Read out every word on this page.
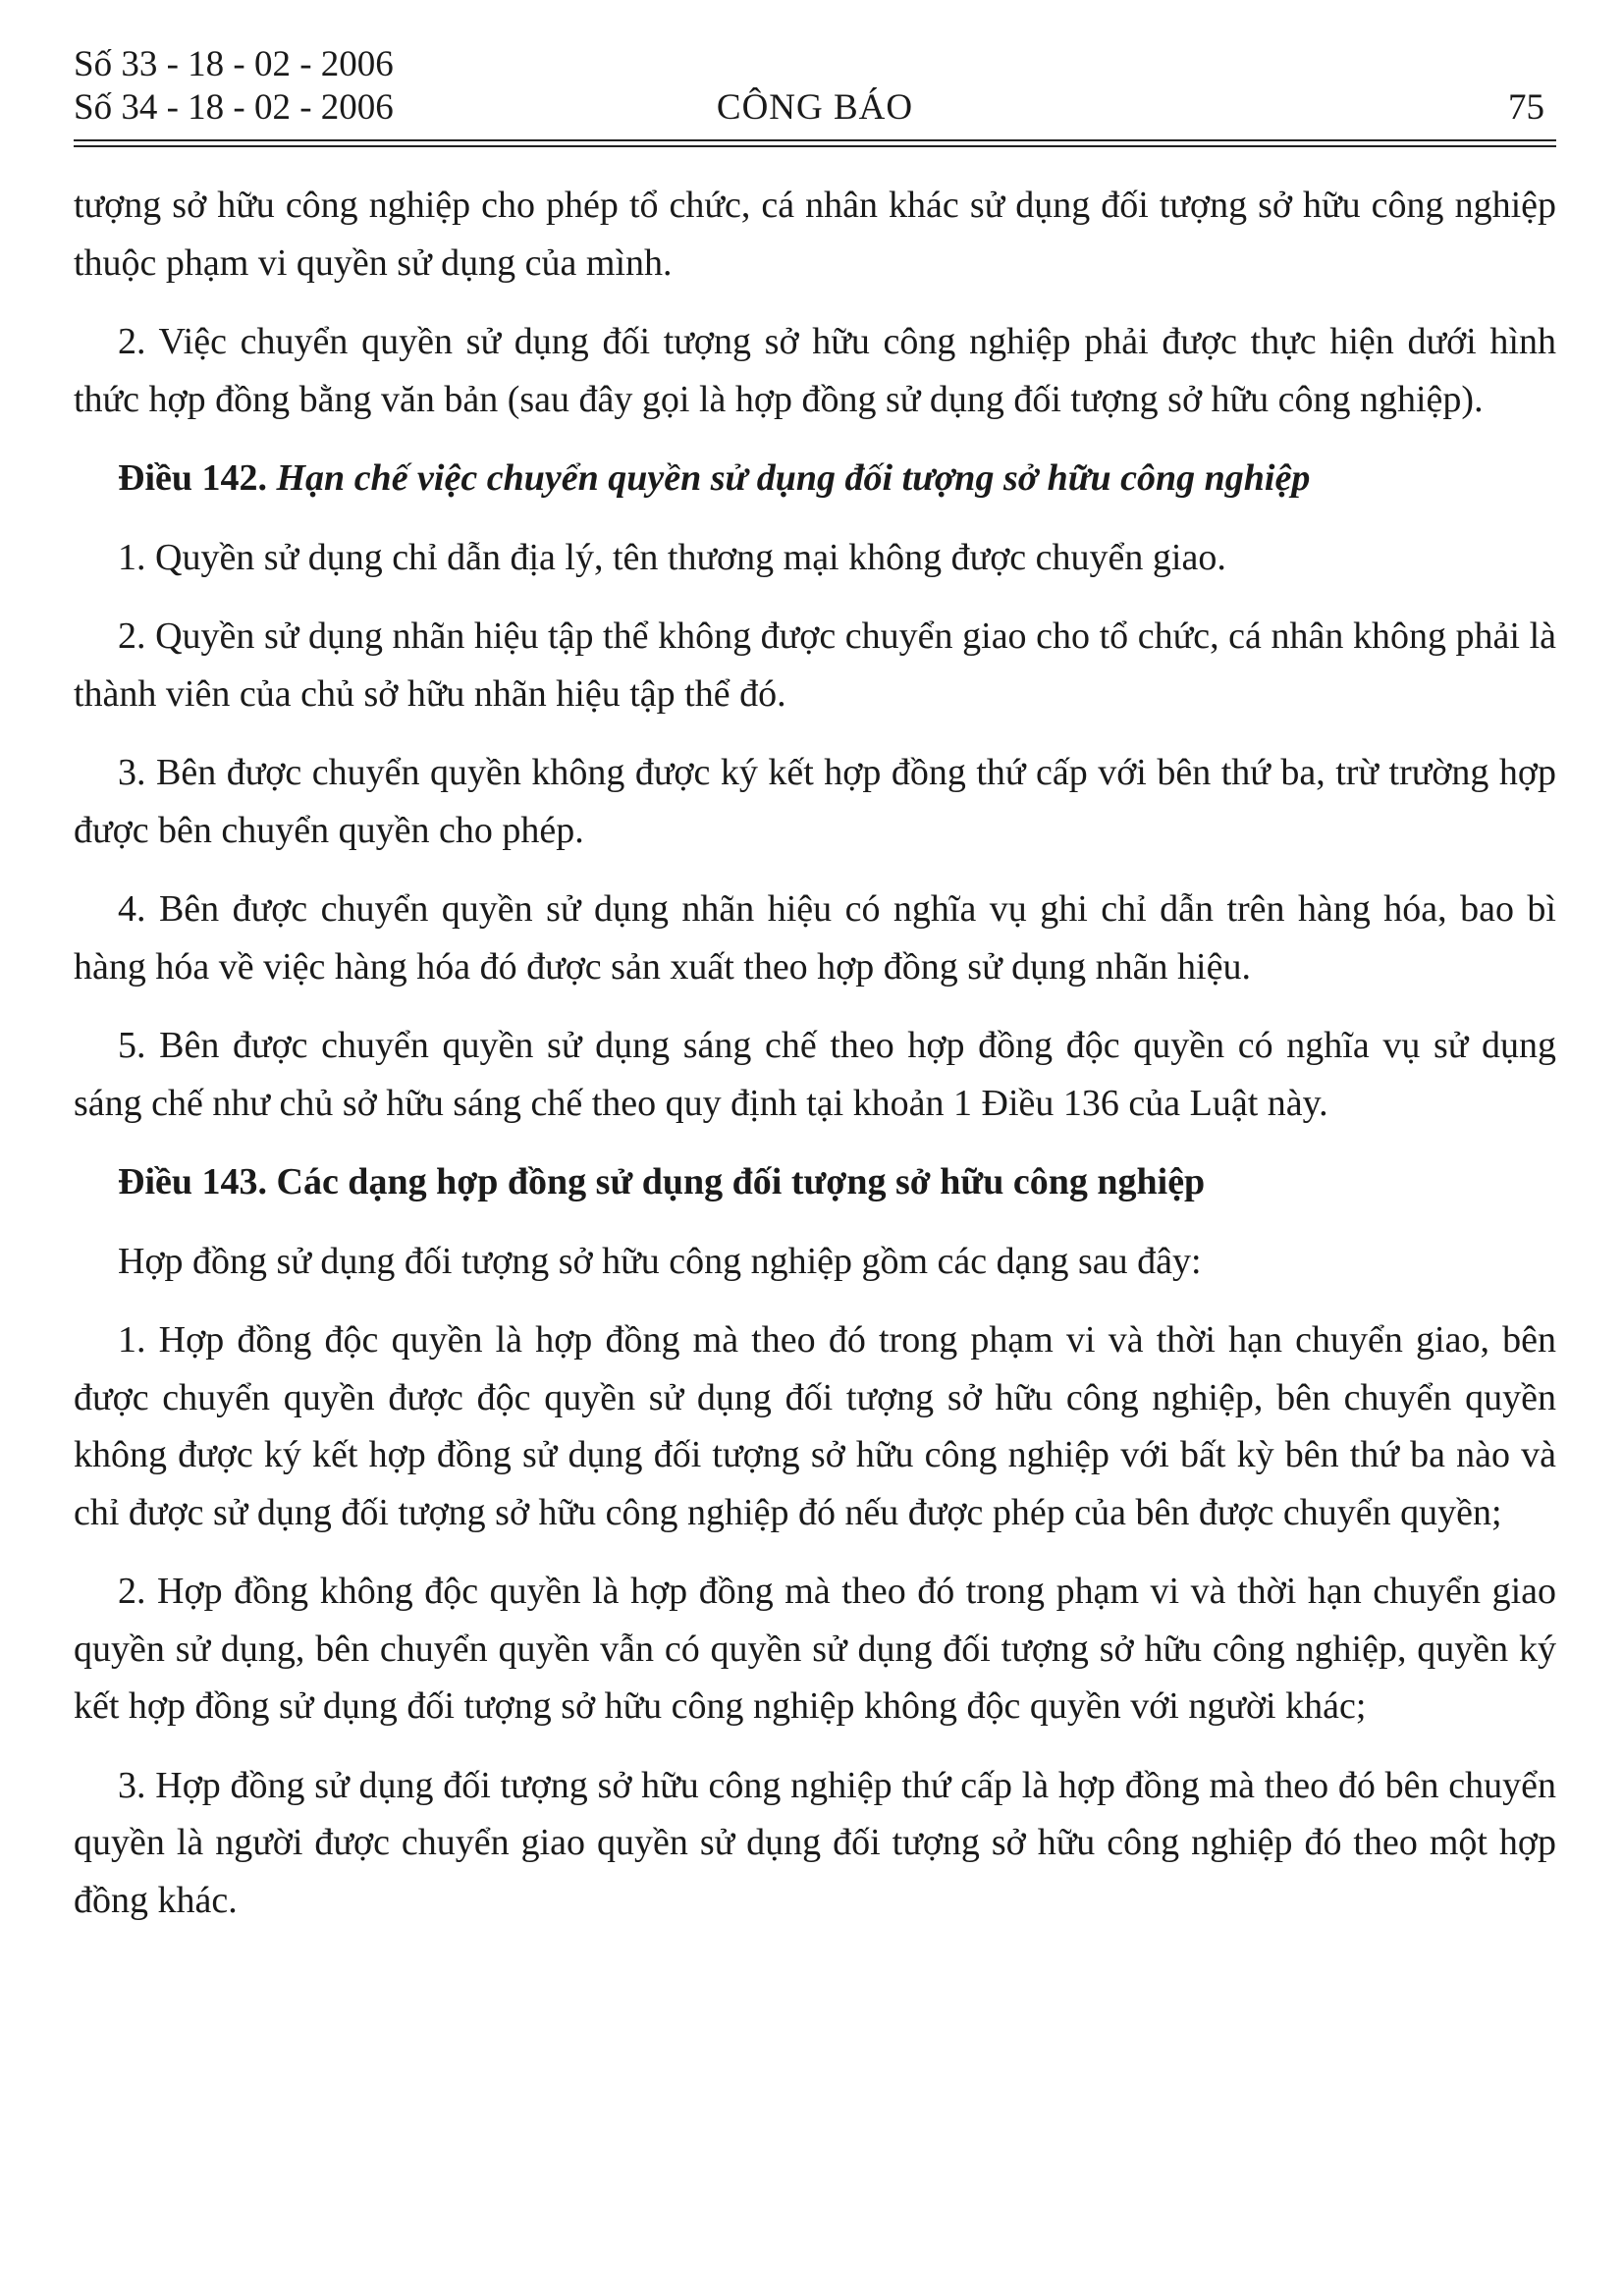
Số 33 - 18 - 02 - 2006
Số 34 - 18 - 02 - 2006	CÔNG BÁO	75

tượng sở hữu công nghiệp cho phép tổ chức, cá nhân khác sử dụng đối tượng sở hữu công nghiệp thuộc phạm vi quyền sử dụng của mình.

2. Việc chuyển quyền sử dụng đối tượng sở hữu công nghiệp phải được thực hiện dưới hình thức hợp đồng bằng văn bản (sau đây gọi là hợp đồng sử dụng đối tượng sở hữu công nghiệp).

Điều 142. Hạn chế việc chuyển quyền sử dụng đối tượng sở hữu công nghiệp

1. Quyền sử dụng chỉ dẫn địa lý, tên thương mại không được chuyển giao.

2. Quyền sử dụng nhãn hiệu tập thể không được chuyển giao cho tổ chức, cá nhân không phải là thành viên của chủ sở hữu nhãn hiệu tập thể đó.

3. Bên được chuyển quyền không được ký kết hợp đồng thứ cấp với bên thứ ba, trừ trường hợp được bên chuyển quyền cho phép.

4. Bên được chuyển quyền sử dụng nhãn hiệu có nghĩa vụ ghi chỉ dẫn trên hàng hóa, bao bì hàng hóa về việc hàng hóa đó được sản xuất theo hợp đồng sử dụng nhãn hiệu.

5. Bên được chuyển quyền sử dụng sáng chế theo hợp đồng độc quyền có nghĩa vụ sử dụng sáng chế như chủ sở hữu sáng chế theo quy định tại khoản 1 Điều 136 của Luật này.

Điều 143. Các dạng hợp đồng sử dụng đối tượng sở hữu công nghiệp

Hợp đồng sử dụng đối tượng sở hữu công nghiệp gồm các dạng sau đây:

1. Hợp đồng độc quyền là hợp đồng mà theo đó trong phạm vi và thời hạn chuyển giao, bên được chuyển quyền được độc quyền sử dụng đối tượng sở hữu công nghiệp, bên chuyển quyền không được ký kết hợp đồng sử dụng đối tượng sở hữu công nghiệp với bất kỳ bên thứ ba nào và chỉ được sử dụng đối tượng sở hữu công nghiệp đó nếu được phép của bên được chuyển quyền;

2. Hợp đồng không độc quyền là hợp đồng mà theo đó trong phạm vi và thời hạn chuyển giao quyền sử dụng, bên chuyển quyền vẫn có quyền sử dụng đối tượng sở hữu công nghiệp, quyền ký kết hợp đồng sử dụng đối tượng sở hữu công nghiệp không độc quyền với người khác;

3. Hợp đồng sử dụng đối tượng sở hữu công nghiệp thứ cấp là hợp đồng mà theo đó bên chuyển quyền là người được chuyển giao quyền sử dụng đối tượng sở hữu công nghiệp đó theo một hợp đồng khác.
